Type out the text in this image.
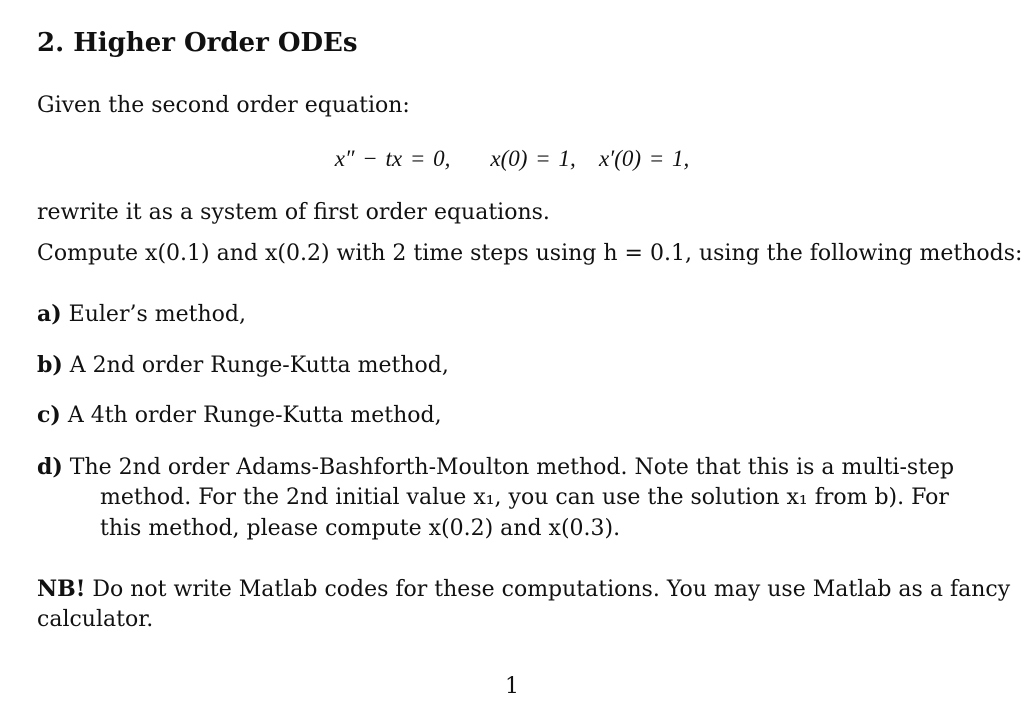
2. Higher Order ODEs
Given the second order equation:
x″ − tx = 0, x(0) = 1, x′(0) = 1,
rewrite it as a system of first order equations.
Compute x(0.1) and x(0.2) with 2 time steps using h = 0.1, using the following methods:
a) Euler’s method,
b) A 2nd order Runge-Kutta method,
c) A 4th order Runge-Kutta method,
d) The 2nd order Adams-Bashforth-Moulton method. Note that this is a multi-step
method. For the 2nd initial value x₁, you can use the solution x₁ from b). For
this method, please compute x(0.2) and x(0.3).
NB! Do not write Matlab codes for these computations. You may use Matlab as a fancy
calculator.
1
